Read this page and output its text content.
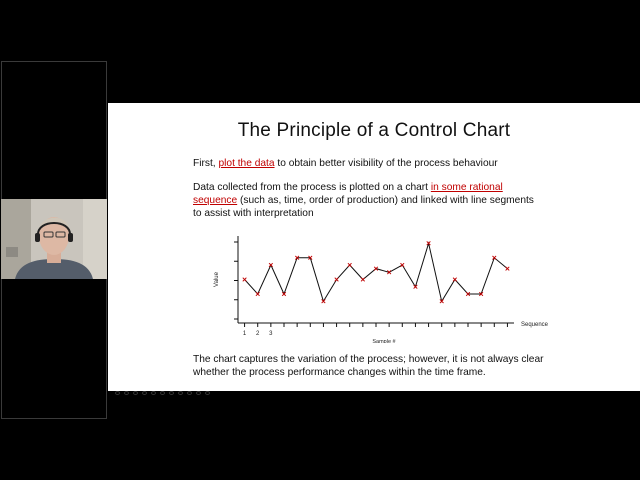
The Principle of a Control Chart
First, plot the data to obtain better visibility of the process behaviour
Data collected from the process is plotted on a chart in some rational sequence (such as, time, order of production) and linked with line segments to assist with interpretation
1 2 3
Value
Sample #
Sequence
The chart captures the variation of the process; however, it is not always clear whether the process performance changes within the time frame.
